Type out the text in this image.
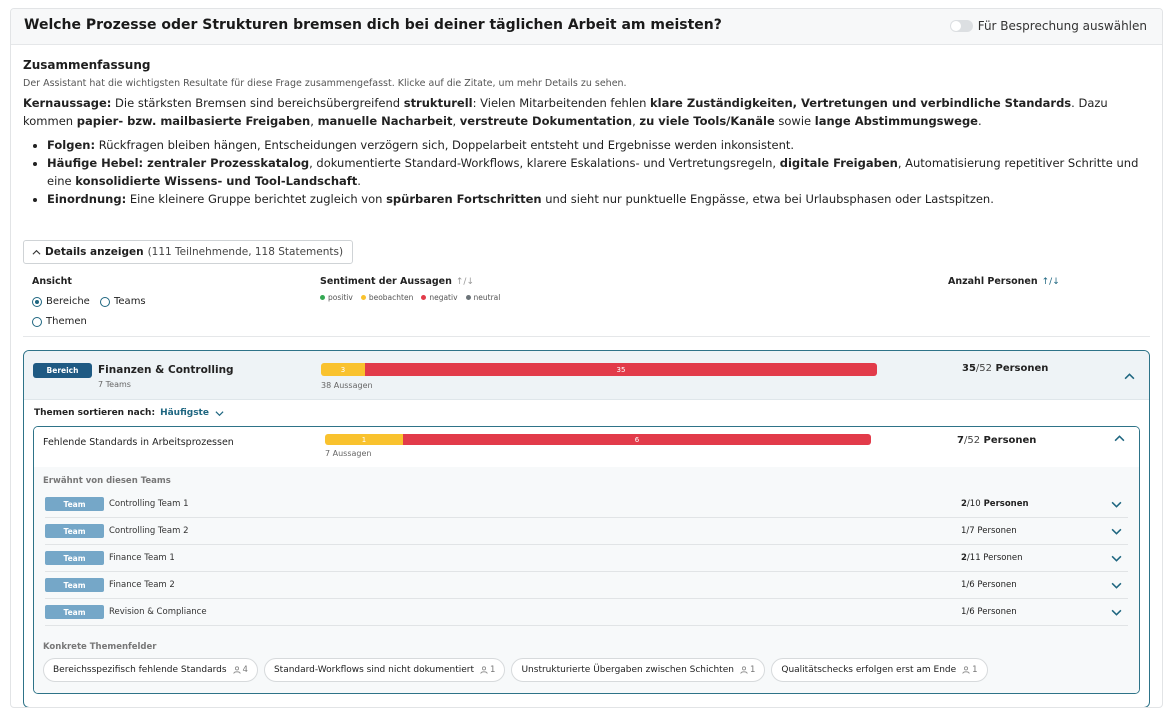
Welche Prozesse oder Strukturen bremsen dich bei deiner täglichen Arbeit am meisten?	Für Besprechung auswählen
Zusammenfassung
Der Assistant hat die wichtigsten Resultate für diese Frage zusammengefasst. Klicke auf die Zitate, um mehr Details zu sehen.
Kernaussage: Die stärksten Bremsen sind bereichsübergreifend strukturell: Vielen Mitarbeitenden fehlen klare Zuständigkeiten, Vertretungen und verbindliche Standards. Dazu kommen papier- bzw. mailbasierte Freigaben, manuelle Nacharbeit, verstreute Dokumentation, zu viele Tools/Kanäle sowie lange Abstimmungswege.
• Folgen: Rückfragen bleiben hängen, Entscheidungen verzögern sich, Doppelarbeit entsteht und Ergebnisse werden inkonsistent.
• Häufige Hebel: zentraler Prozesskatalog, dokumentierte Standard-Workflows, klarere Eskalations- und Vertretungsregeln, digitale Freigaben, Automatisierung repetitiver Schritte und eine konsolidierte Wissens- und Tool-Landschaft.
• Einordnung: Eine kleinere Gruppe berichtet zugleich von spürbaren Fortschritten und sieht nur punktuelle Engpässe, etwa bei Urlaubsphasen oder Lastspitzen.
Details anzeigen (111 Teilnehmende, 118 Statements)
Ansicht
Bereiche Teams
Themen
Sentiment der Aussagen ↑/↓
positiv beobachten negativ neutral
Anzahl Personen ↑/↓
Bereich	Finanzen & Controlling
7 Teams
3	35
38 Aussagen
35/52 Personen
Themen sortieren nach: Häufigste
Fehlende Standards in Arbeitsprozessen	1	6
7 Aussagen
7/52 Personen
Erwähnt von diesen Teams
Team	Controlling Team 1	2/10 Personen
Team	Controlling Team 2	1/7 Personen
Team	Finance Team 1	2/11 Personen
Team	Finance Team 2	1/6 Personen
Team	Revision & Compliance	1/6 Personen
Konkrete Themenfelder
Bereichsspezifisch fehlende Standards 4	Standard-Workflows sind nicht dokumentiert 1	Unstrukturierte Übergaben zwischen Schichten 1	Qualitätschecks erfolgen erst am Ende 1
